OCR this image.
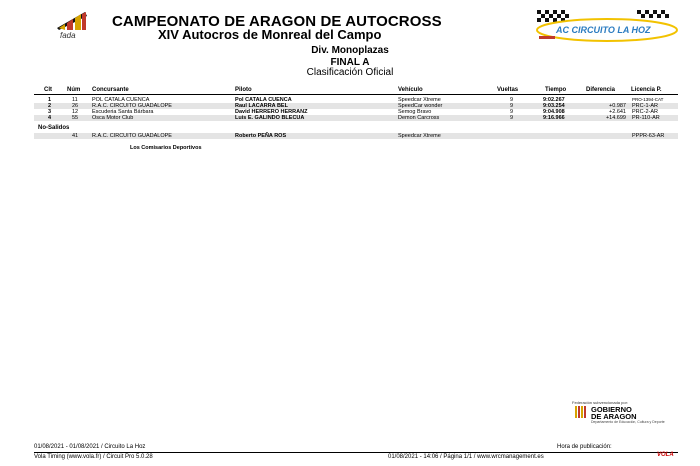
fada
CAMPEONATO DE ARAGON DE AUTOCROSS
XIV Autocros de Monreal del Campo	AC CIRCUITO LA HOZ
Div. Monoplazas
FINAL A
Clasificación Oficial
Clt	Núm Concursante	Piloto	Vehículo	Vueltas	Tiempo	Diferencia	Licencia P.
1	11	POL CATALA CUENCA	Pol CATALA CUENCA	Speedcar Xtreme	9	9:02.267	PRO-1394-CAT
2	26	R.A.C. CIRCUITO GUADALOPE	Raul LACARRA BEL	SpeedCar wonder	9	9:03.254	+0.987 PRC-1-AR
3	12	Escuderia Santa Bárbara	David HERRERO HERRANZ	Semog Bravo	9	9:04.908	+2.641 PRC-2-AR
4	55	Osca Motor Club	Luis E. GALINDO BLECUA	Demon Carcross	9	9:16.966	+14.699 PR-110-AR
No-Salidos
41	R.A.C. CIRCUITO GUADALOPE	Roberto PEÑA ROS	Speedcar Xtreme	PPPR-63-AR
Los Comisarios Deportivos
Federación subvencionada por:
GOBIERNO
DE ARAGON
Departamento de Educación, Cultura y Deporte
01/08/2021 - 01/08/2021 / Circuito La Hoz	Hora de publicación:
Vola Timing (www.vola.fr) / Circuit Pro 5.0.28	01/08/2021 - 14:06 / Página 1/1 / www.wrcmanagement.es	VOLA
